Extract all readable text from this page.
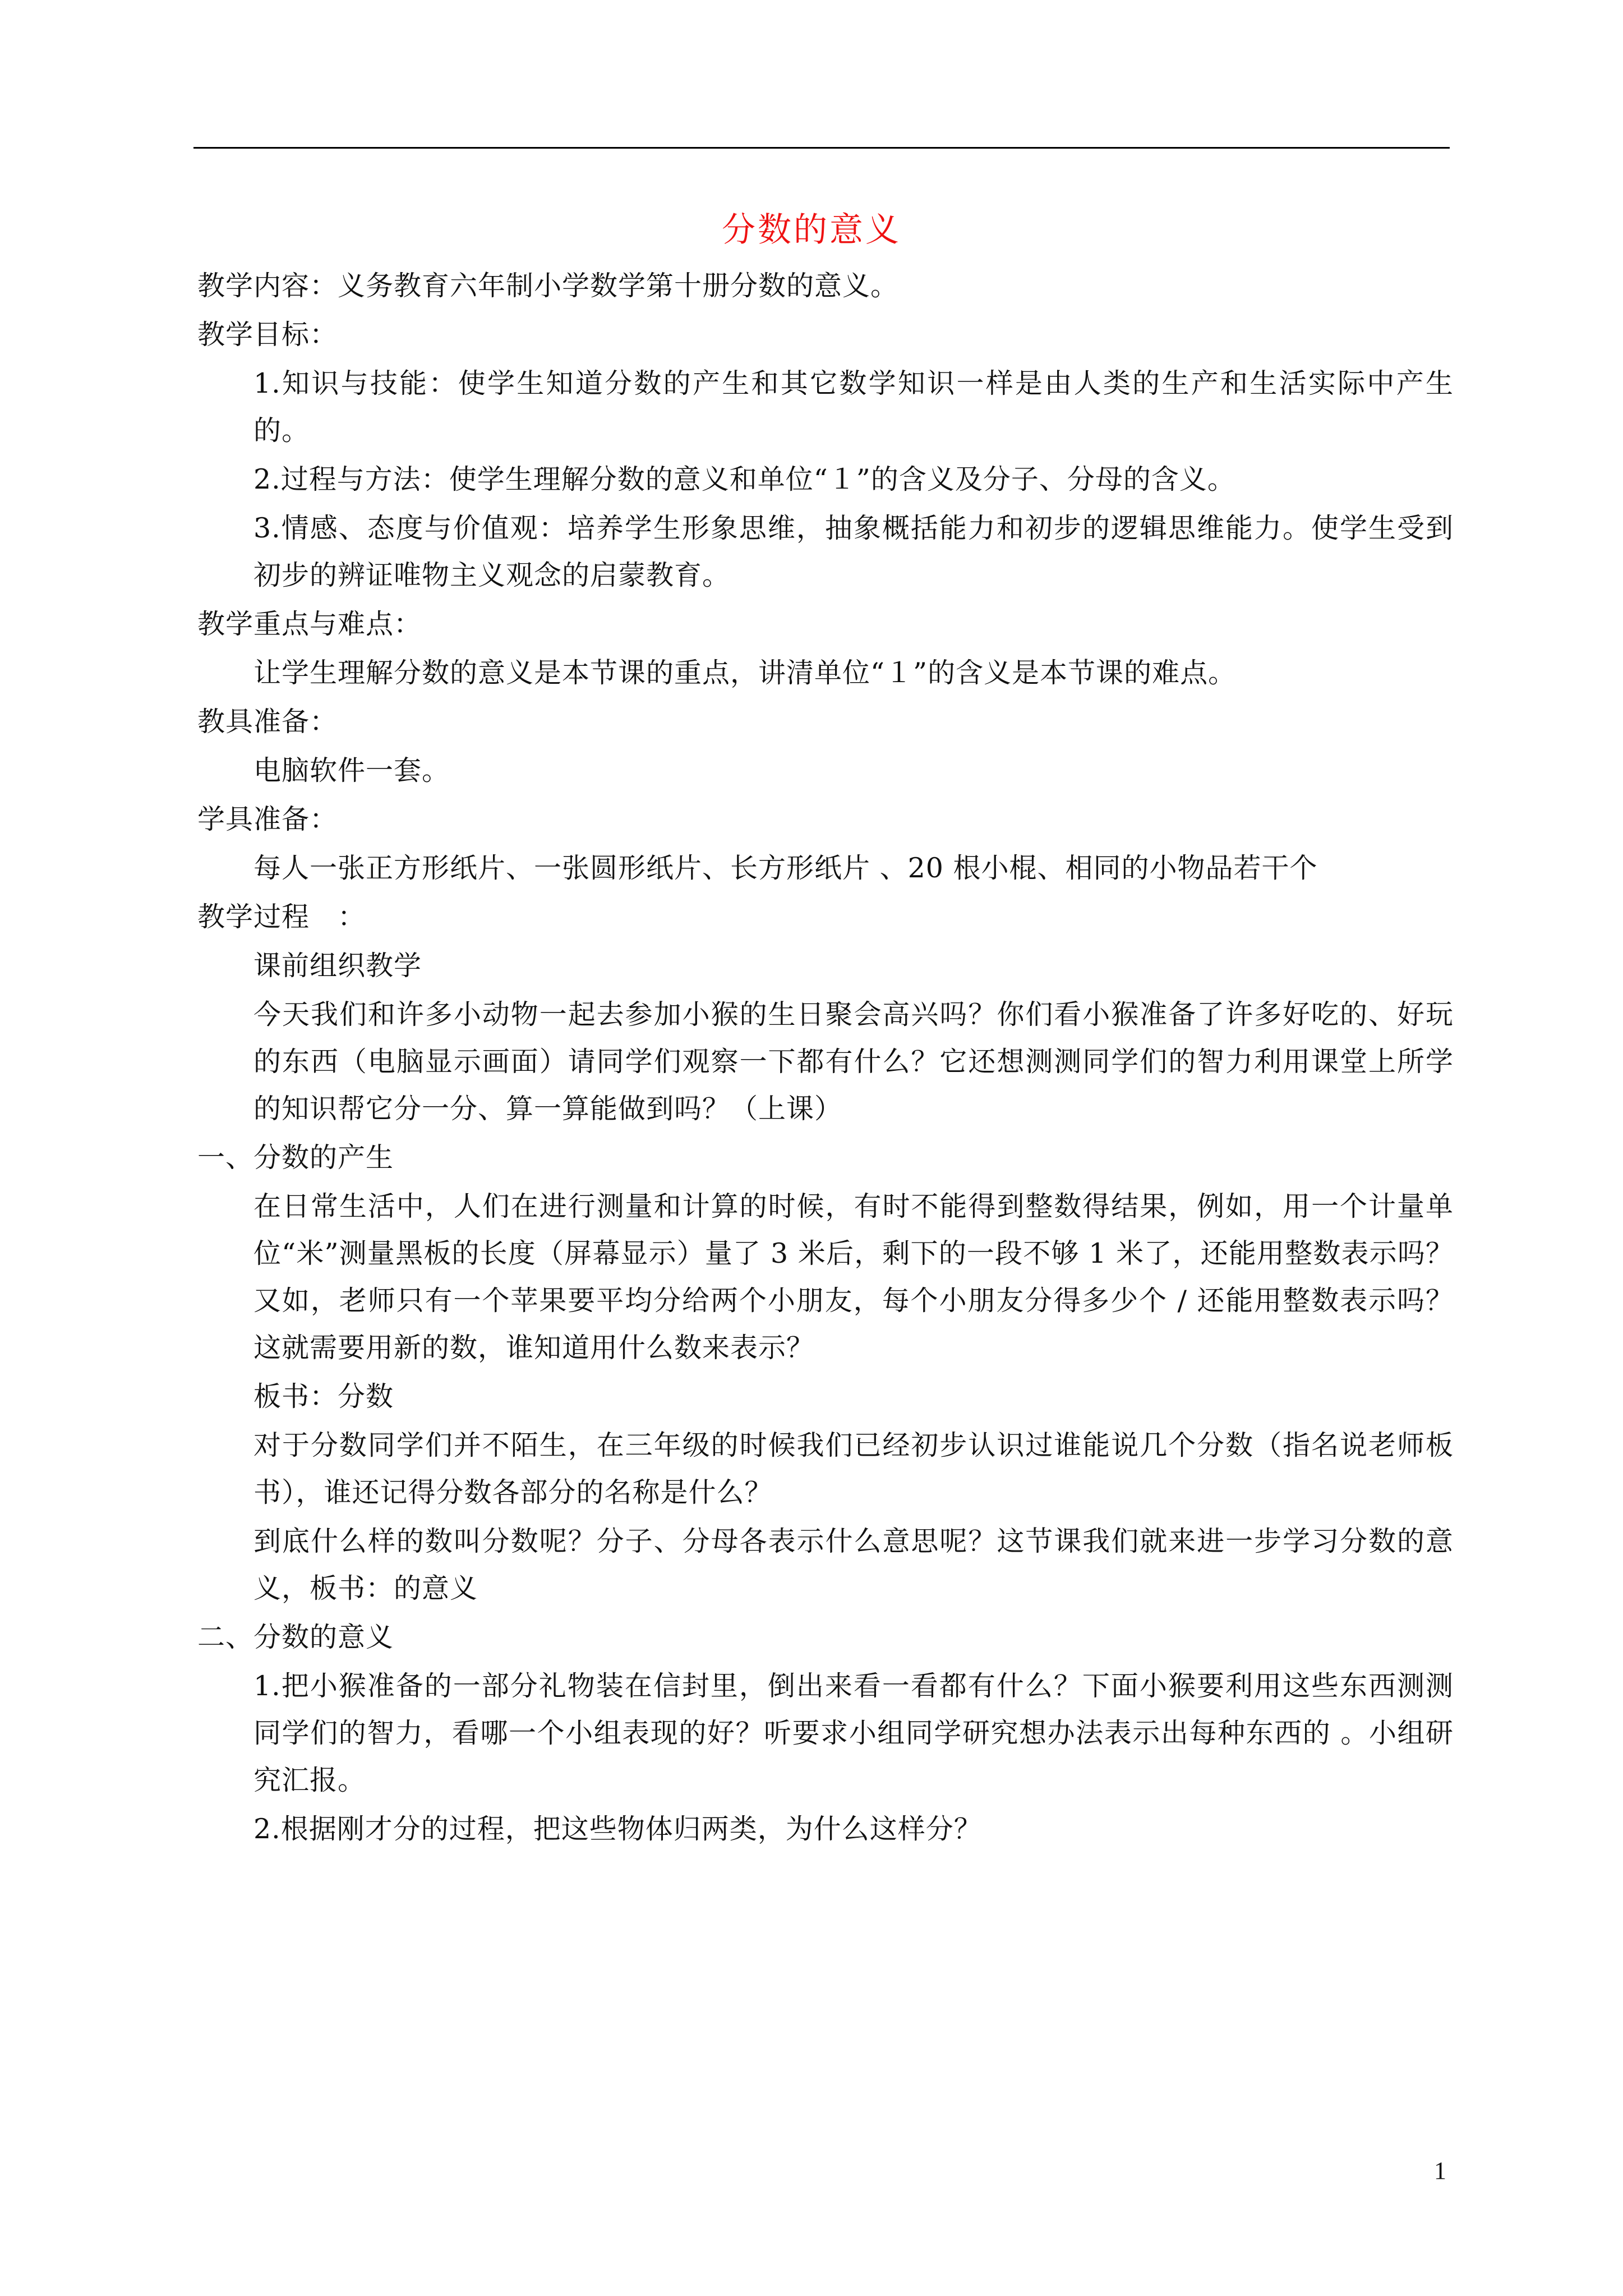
分数的意义

教学内容：义务教育六年制小学数学第十册分数的意义。

教学目标：

1.知识与技能：使学生知道分数的产生和其它数学知识一样是由人类的生产和生活实际中产生的。

2.过程与方法：使学生理解分数的意义和单位“１”的含义及分子、分母的含义。

3.情感、态度与价值观：培养学生形象思维，抽象概括能力和初步的逻辑思维能力。使学生受到初步的辨证唯物主义观念的启蒙教育。

教学重点与难点：

让学生理解分数的意义是本节课的重点，讲清单位“１”的含义是本节课的难点。

教具准备：

电脑软件一套。

学具准备：

每人一张正方形纸片、一张圆形纸片、长方形纸片 、20 根小棍、相同的小物品若干个

教学过程　：

课前组织教学

今天我们和许多小动物一起去参加小猴的生日聚会高兴吗？你们看小猴准备了许多好吃的、好玩的东西（电脑显示画面）请同学们观察一下都有什么？它还想测测同学们的智力利用课堂上所学的知识帮它分一分、算一算能做到吗？（上课）

一、分数的产生

在日常生活中，人们在进行测量和计算的时候，有时不能得到整数得结果，例如，用一个计量单位“米”测量黑板的长度（屏幕显示）量了 3 米后，剩下的一段不够 1 米了，还能用整数表示吗？又如，老师只有一个苹果要平均分给两个小朋友，每个小朋友分得多少个 / 还能用整数表示吗？这就需要用新的数，谁知道用什么数来表示？

板书：分数

对于分数同学们并不陌生，在三年级的时候我们已经初步认识过谁能说几个分数（指名说老师板书），谁还记得分数各部分的名称是什么？

到底什么样的数叫分数呢？分子、分母各表示什么意思呢？这节课我们就来进一步学习分数的意义，板书：的意义

二、分数的意义

1.把小猴准备的一部分礼物装在信封里，倒出来看一看都有什么？下面小猴要利用这些东西测测同学们的智力，看哪一个小组表现的好？听要求小组同学研究想办法表示出每种东西的 。小组研究汇报。

2.根据刚才分的过程，把这些物体归两类，为什么这样分？

1
